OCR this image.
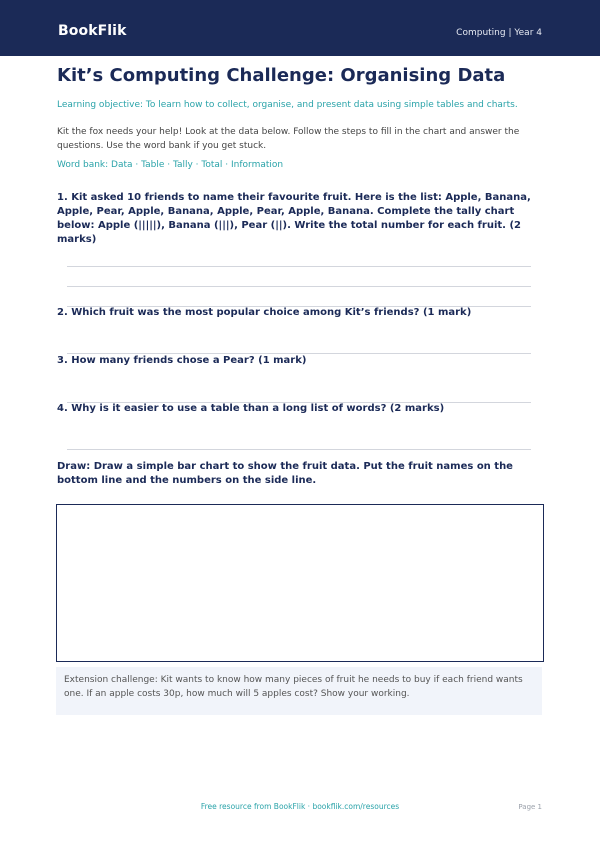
BookFlik	Computing | Year 4
Kit’s Computing Challenge: Organising Data
Learning objective: To learn how to collect, organise, and present data using simple tables and charts.
Kit the fox needs your help! Look at the data below. Follow the steps to fill in the chart and answer the questions. Use the word bank if you get stuck.
Word bank: Data · Table · Tally · Total · Information
1. Kit asked 10 friends to name their favourite fruit. Here is the list: Apple, Banana, Apple, Pear, Apple, Banana, Apple, Pear, Apple, Banana. Complete the tally chart below: Apple (|||||), Banana (|||), Pear (||). Write the total number for each fruit. (2 marks)
2. Which fruit was the most popular choice among Kit’s friends? (1 mark)
3. How many friends chose a Pear? (1 mark)
4. Why is it easier to use a table than a long list of words? (2 marks)
Draw: Draw a simple bar chart to show the fruit data. Put the fruit names on the bottom line and the numbers on the side line.
Extension challenge: Kit wants to know how many pieces of fruit he needs to buy if each friend wants one. If an apple costs 30p, how much will 5 apples cost? Show your working.
Free resource from BookFlik · bookflik.com/resources	Page 1
